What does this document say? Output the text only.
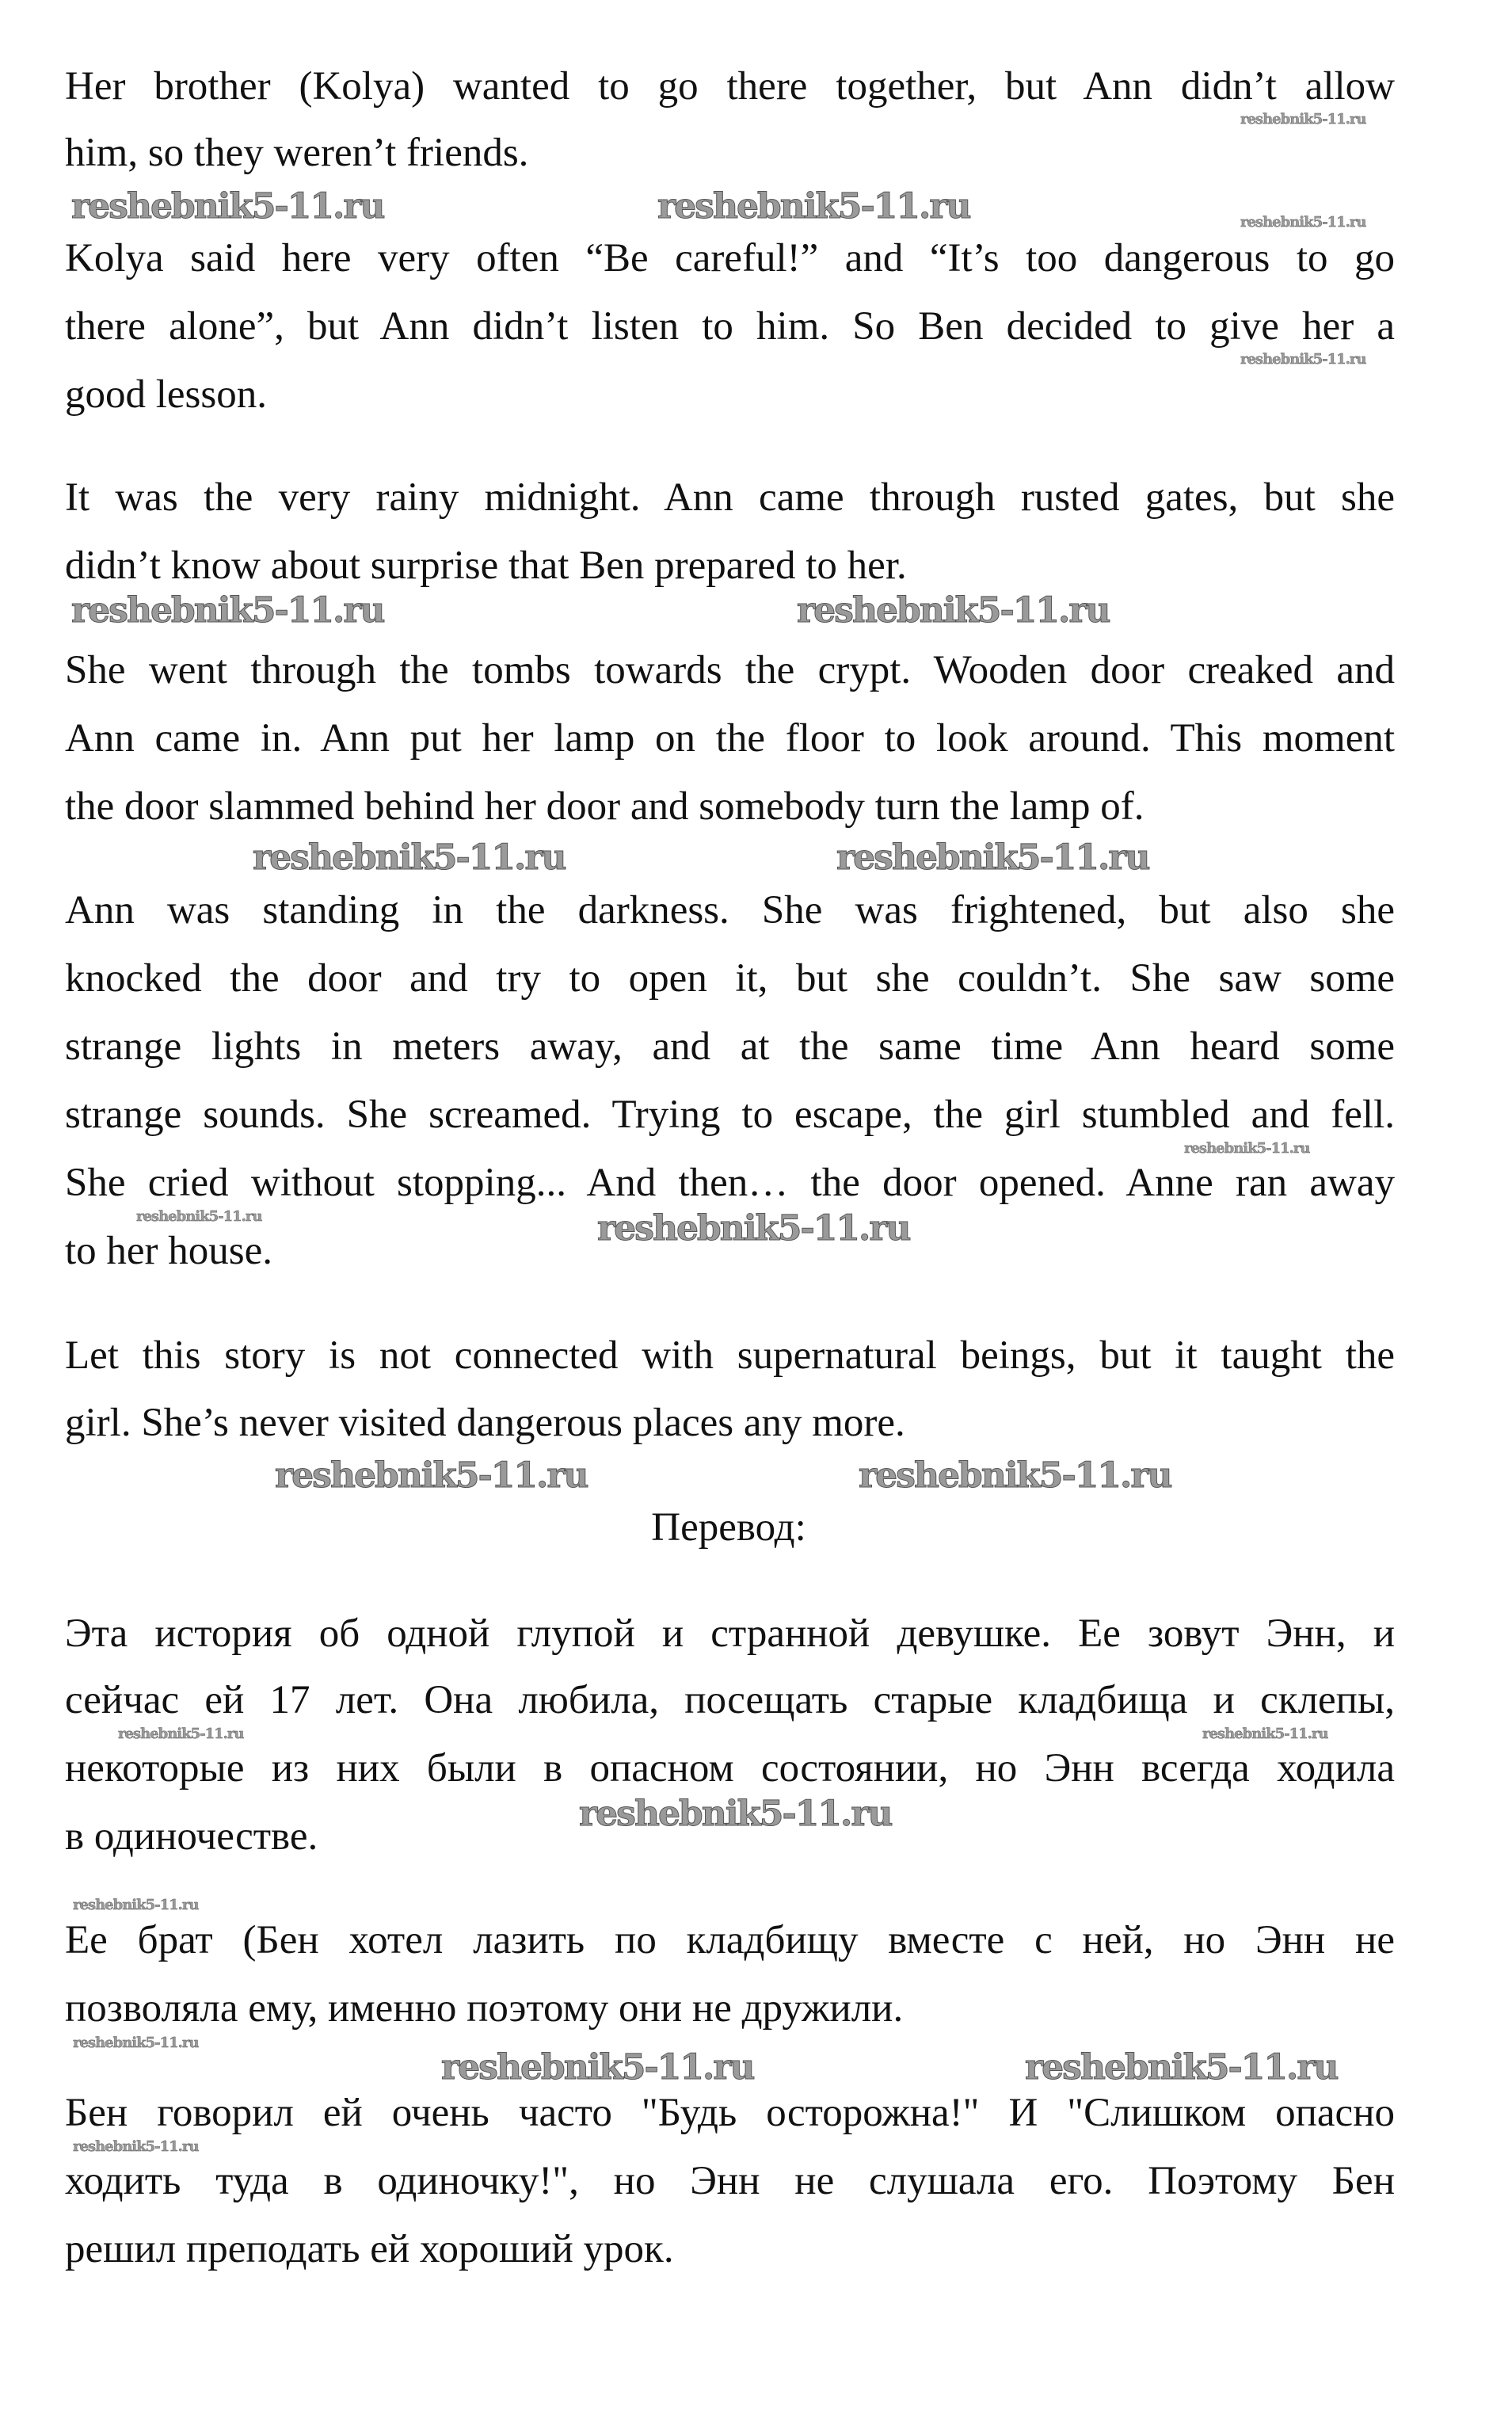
Her brother (Kolya) wanted to go there together, but Ann didn’t allow
him, so they weren’t friends.
Kolya said here very often “Be careful!” and “It’s too dangerous to go
there alone”, but Ann didn’t listen to him. So Ben decided to give her a
good lesson.
It was the very rainy midnight. Ann came through rusted gates, but she
didn’t know about surprise that Ben prepared to her.
She went through the tombs towards the crypt. Wooden door creaked and
Ann came in. Ann put her lamp on the floor to look around. This moment
the door slammed behind her door and somebody turn the lamp of.
Ann was standing in the darkness. She was frightened, but also she
knocked the door and try to open it, but she couldn’t. She saw some
strange lights in meters away, and at the same time Ann heard some
strange sounds. She screamed. Trying to escape, the girl stumbled and fell.
She cried without stopping... And then… the door opened. Anne ran away
to her house.
Let this story is not connected with supernatural beings, but it taught the
girl. She’s never visited dangerous places any more.
Перевод:
Эта история об одной глупой и странной девушке. Ее зовут Энн, и
сейчас ей 17 лет. Она любила, посещать старые кладбища и склепы,
некоторые из них были в опасном состоянии, но Энн всегда ходила
в одиночестве.
Ее брат (Бен хотел лазить по кладбищу вместе с ней, но Энн не
позволяла ему, именно поэтому они не дружили.
Бен говорил ей очень часто "Будь осторожна!" И "Слишком опасно
ходить туда в одиночку!", но Энн не слушала его. Поэтому Бен
решил преподать ей хороший урок.
reshebnik5-11.ru
reshebnik5-11.ru	reshebnik5-11.ru	reshebnik5-11.ru
reshebnik5-11.ru
reshebnik5-11.ru	reshebnik5-11.ru
reshebnik5-11.ru	reshebnik5-11.ru
reshebnik5-11.ru
reshebnik5-11.ru	reshebnik5-11.ru
reshebnik5-11.ru	reshebnik5-11.ru
reshebnik5-11.ru	reshebnik5-11.ru
reshebnik5-11.ru
reshebnik5-11.ru
reshebnik5-11.ru
reshebnik5-11.ru	reshebnik5-11.ru
reshebnik5-11.ru
